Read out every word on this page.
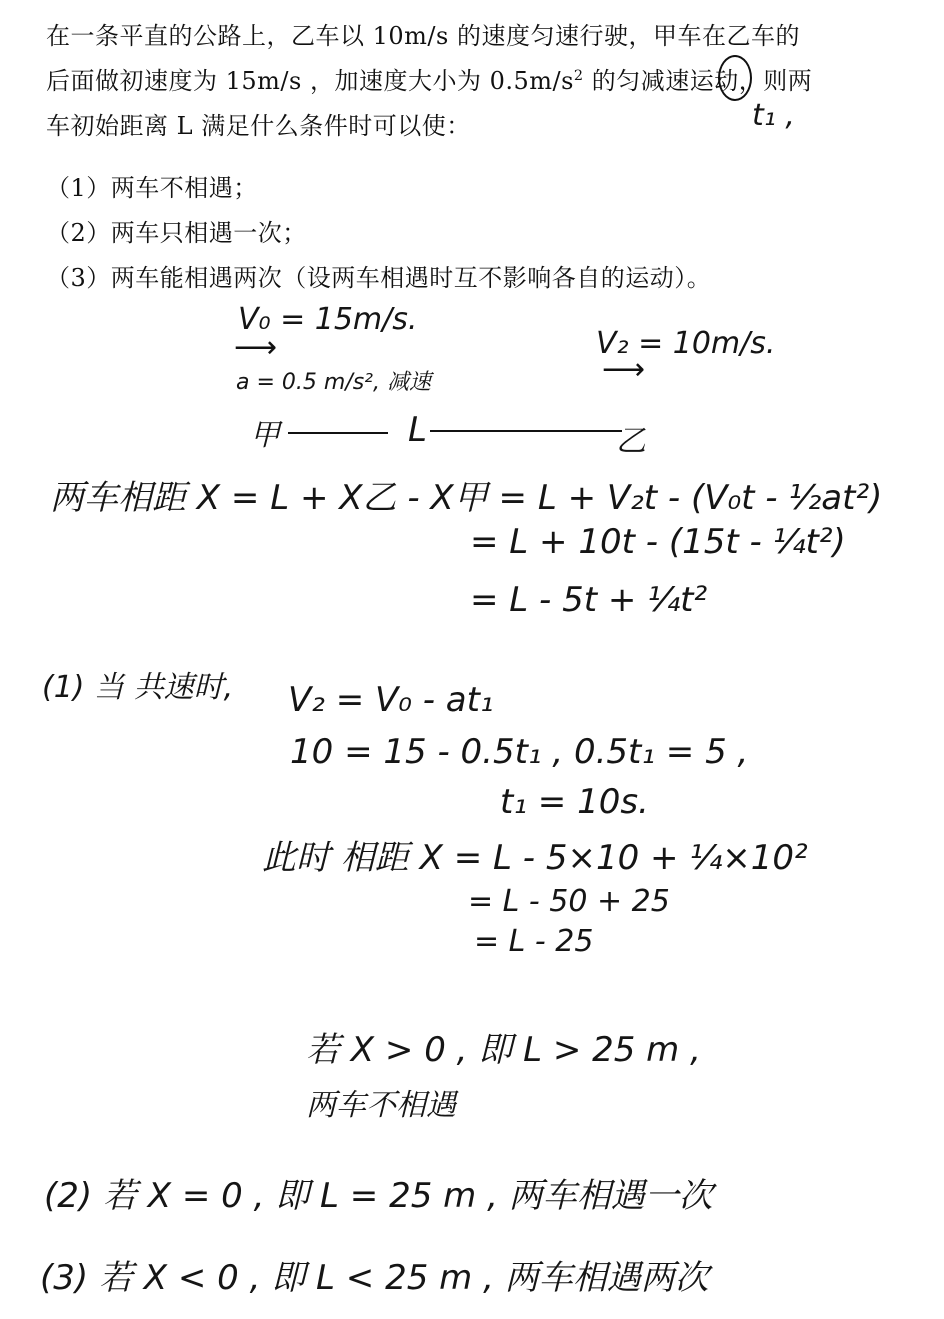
在一条平直的公路上，乙车以 10m/s 的速度匀速行驶，甲车在乙车的
后面做初速度为 15m/s ，加速度大小为 $0.5m/s^2$ 的匀减速运动，则两
车初始距离 L 满足什么条件时可以使：
（1）两车不相遇；
（2）两车只相遇一次；
（3）两车能相遇两次（设两车相遇时互不影响各自的运动）。
t₁ ,
V₀ = 15m/s.
⟶
a = 0.5 m/s², 减速
V₂ = 10m/s.
⟶
甲	L	乙
两车相距 X = L + X乙 - X甲 = L + V₂t - (V₀t - ½at²)
= L + 10t - (15t - ¼t²)
= L - 5t + ¼t²
(1) 当 共速时, V₂ = V₀ - at₁
10 = 15 - 0.5t₁ , 0.5t₁ = 5 ,
t₁ = 10s.
此时 相距 X = L - 5×10 + ¼×10²
= L - 50 + 25
= L - 25
若 X > 0 , 即 L > 25 m ,
两车不相遇
(2) 若 X = 0 , 即 L = 25 m , 两车相遇一次
(3) 若 X < 0 , 即 L < 25 m , 两车相遇两次
